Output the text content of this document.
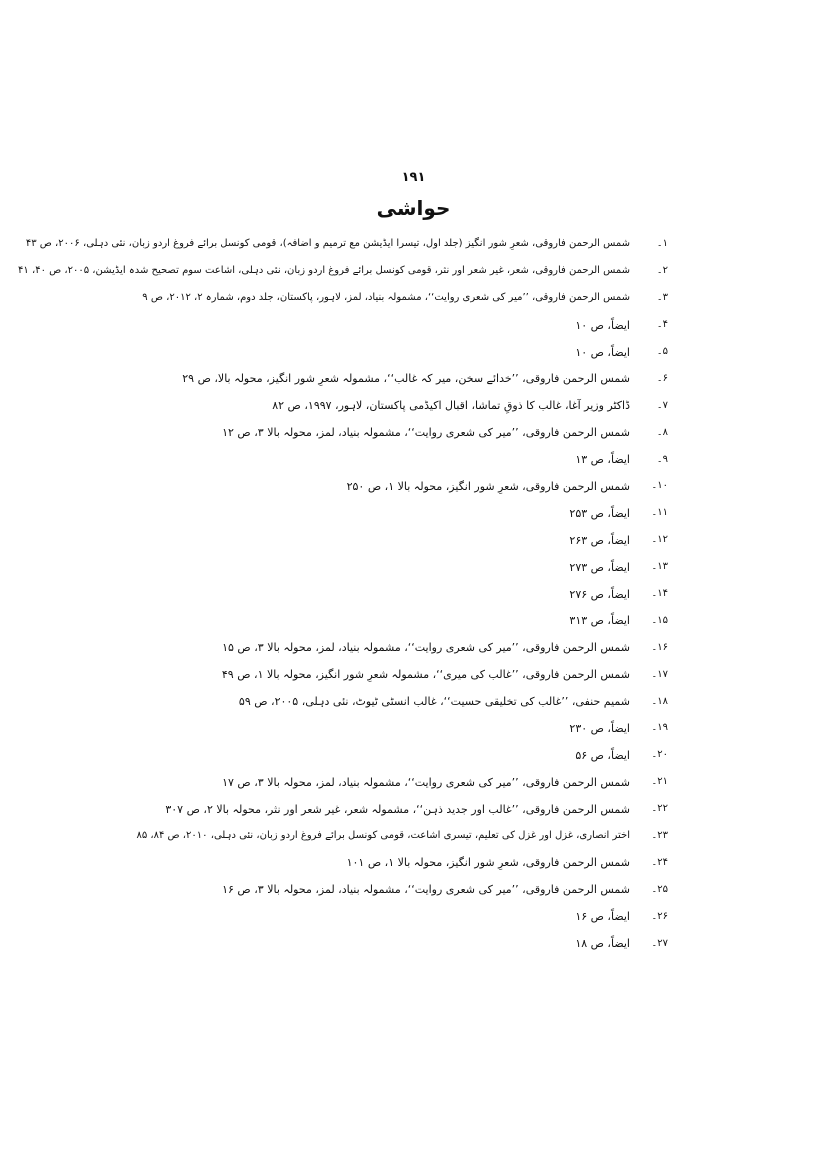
۱۹۱
حواشی
۱۔
شمس الرحمن فاروقی، شعرِ شور انگیز (جلد اول، تیسرا ایڈیشن مع ترمیم و اضافہ)، قومی کونسل برائے فروغ اردو زبان، نئی دہلی، ۲۰۰۶، ص ۴۳
۲۔
شمس الرحمن فاروقی، شعر، غیر شعر اور نثر، قومی کونسل برائے فروغ اردو زبان، نئی دہلی، اشاعت سوم تصحیح شدہ ایڈیشن، ۲۰۰۵، ص ۴۰، ۴۱
۳۔
شمس الرحمن فاروقی، ’’میر کی شعری روایت‘‘، مشمولہ بنیاد، لمز، لاہور، پاکستان، جلد دوم، شمارہ ۲، ۲۰۱۲، ص ۹
۴۔
ایضاً، ص ۱۰
۵۔
ایضاً، ص ۱۰
۶۔
شمس الرحمن فاروقی، ’’خدائے سخن، میر کہ غالب‘‘، مشمولہ شعرِ شور انگیز، محولہ بالا، ص ۲۹
۷۔
ڈاکٹر وزیر آغا، غالب کا ذوقِ تماشا، اقبال اکیڈمی پاکستان، لاہور، ۱۹۹۷، ص ۸۲
۸۔
شمس الرحمن فاروقی، ’’میر کی شعری روایت‘‘، مشمولہ بنیاد، لمز، محولہ بالا ۳، ص ۱۲
۹۔
ایضاً، ص ۱۳
۱۰۔
شمس الرحمن فاروقی، شعرِ شور انگیز، محولہ بالا ۱، ص ۲۵۰
۱۱۔
ایضاً، ص ۲۵۳
۱۲۔
ایضاً، ص ۲۶۳
۱۳۔
ایضاً، ص ۲۷۳
۱۴۔
ایضاً، ص ۲۷۶
۱۵۔
ایضاً، ص ۳۱۳
۱۶۔
شمس الرحمن فاروقی، ’’میر کی شعری روایت‘‘، مشمولہ بنیاد، لمز، محولہ بالا ۳، ص ۱۵
۱۷۔
شمس الرحمن فاروقی، ’’غالب کی میری‘‘، مشمولہ شعرِ شور انگیز، محولہ بالا ۱، ص ۴۹
۱۸۔
شمیم حنفی، ’’غالب کی تخلیقی حسیت‘‘، غالب انسٹی ٹیوٹ، نئی دہلی، ۲۰۰۵، ص ۵۹
۱۹۔
ایضاً، ص ۲۳۰
۲۰۔
ایضاً، ص ۵۶
۲۱۔
شمس الرحمن فاروقی، ’’میر کی شعری روایت‘‘، مشمولہ بنیاد، لمز، محولہ بالا ۳، ص ۱۷
۲۲۔
شمس الرحمن فاروقی، ’’غالب اور جدید ذہن‘‘، مشمولہ شعر، غیر شعر اور نثر، محولہ بالا ۲، ص ۳۰۷
۲۳۔
اختر انصاری، غزل اور غزل کی تعلیم، تیسری اشاعت، قومی کونسل برائے فروغ اردو زبان، نئی دہلی، ۲۰۱۰، ص ۸۴، ۸۵
۲۴۔
شمس الرحمن فاروقی، شعرِ شور انگیز، محولہ بالا ۱، ص ۱۰۱
۲۵۔
شمس الرحمن فاروقی، ’’میر کی شعری روایت‘‘، مشمولہ بنیاد، لمز، محولہ بالا ۳، ص ۱۶
۲۶۔
ایضاً، ص ۱۶
۲۷۔
ایضاً، ص ۱۸
